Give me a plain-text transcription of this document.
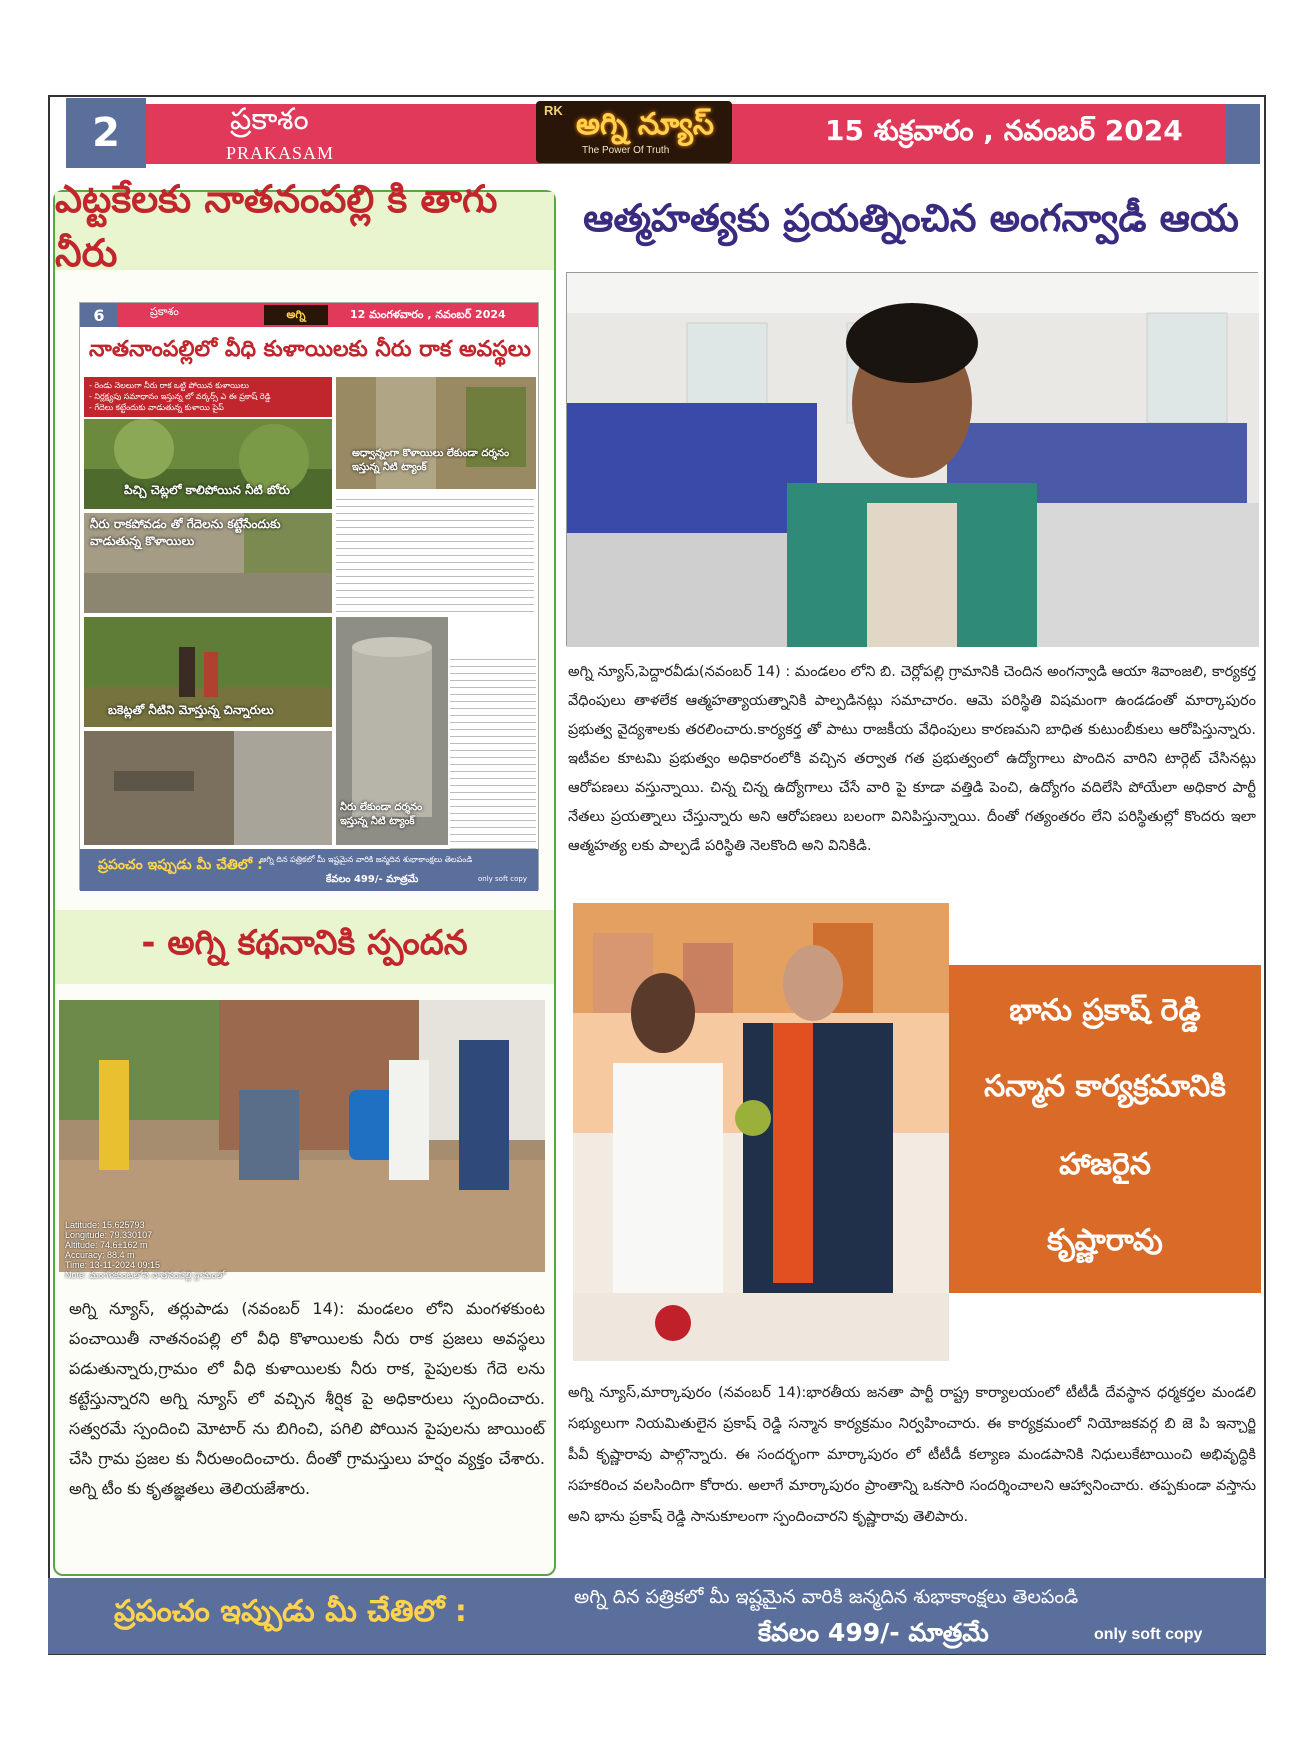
2	ప్రకాశం
PRAKASAM
RK అగ్ని న్యూస్
The Power Of Truth
15 శుక్రవారం , నవంబర్ 2024
ఎట్టకేలకు నాతనంపల్లి కి తాగు నీరు
6	ప్రకాశం	అగ్ని	12 మంగళవారం , నవంబర్ 2024
నాతనాంపల్లిలో వీధి కుళాయిలకు నీరు రాక అవస్థలు
- రెండు నెలలుగా నీరు రాక ఒట్టి పోయిన కుళాయిలు
- నిర్లక్ష్యపు సమాధానం ఇస్తున్న లో వర్కర్స్ ఎ ఈ ప్రకాష్ రెడ్డి
- గేదెలు కట్టేందుకు వాడుతున్న కుళాయి పైప్
పిచ్చి చెట్లలో కాలిపోయిన నీటి బోరు
అధ్వాన్నంగా కొళాయిలు లేకుండా దర్శనం ఇస్తున్న నీటి ట్యాంక్
నీరు రాకపోవడం తో గేదెలను కట్టేసేందుకు వాడుతున్న కొళాయిలు
బకెట్లతో నీటిని మోస్తున్న చిన్నారులు
నీరు లేకుండా దర్శనం ఇస్తున్న నీటి ట్యాంక్
ప్రపంచం ఇప్పుడు మీ చేతిలో :
అగ్ని దిన పత్రికలో మీ ఇష్టమైన వారికి జన్మదిన శుభాకాంక్షలు తెలపండి
కేవలం 499/- మాత్రమే	only soft copy
- అగ్ని కథనానికి స్పందన
Latitude: 15.625793
Longitude: 79.330107
Altitude: 74.6±162 m
Accuracy: 88.4 m
Time: 13-11-2024 09:15
Note: మంగళకుంటలోని నాతనంపల్లి గ్రామంలో
అగ్ని న్యూస్, తర్లుపాడు (నవంబర్ 14): మండలం లోని మంగళకుంట పంచాయితీ నాతనంపల్లి లో వీధి కొళాయిలకు నీరు రాక ప్రజలు అవస్థలు పడుతున్నారు,గ్రామం లో వీధి కుళాయిలకు నీరు రాక, పైపులకు గేదె లను కట్టేస్తున్నారని అగ్ని న్యూస్ లో వచ్చిన శీర్షిక పై అధికారులు స్పందించారు. సత్వరమే స్పందించి మోటార్ ను బిగించి, పగిలి పోయిన పైపులను జాయింట్ చేసి గ్రామ ప్రజల కు నీరుఅందించారు. దీంతో గ్రామస్తులు హర్షం వ్యక్తం చేశారు. అగ్ని టీం కు కృతజ్ఞతలు తెలియజేశారు.
ఆత్మహత్యకు ప్రయత్నించిన అంగన్వాడీ ఆయ
అగ్ని న్యూస్,పెద్దారవీడు(నవంబర్ 14) : మండలం లోని బి. చెర్లోపల్లి గ్రామానికి చెందిన అంగన్వాడి ఆయా శివాంజలి, కార్యకర్త వేధింపులు తాళలేక ఆత్మహత్యాయత్నానికి పాల్పడినట్లు సమాచారం. ఆమె పరిస్థితి విషమంగా ఉండడంతో మార్కాపురం ప్రభుత్వ వైద్యశాలకు తరలించారు.కార్యకర్త తో పాటు రాజకీయ వేధింపులు కారణమని బాధిత కుటుంబీకులు ఆరోపిస్తున్నారు. ఇటీవల కూటమి ప్రభుత్వం అధికారంలోకి వచ్చిన తర్వాత గత ప్రభుత్వంలో ఉద్యోగాలు పొందిన వారిని టార్గెట్ చేసినట్లు ఆరోపణలు వస్తున్నాయి. చిన్న చిన్న ఉద్యోగాలు చేసే వారి పై కూడా వత్తిడి పెంచి, ఉద్యోగం వదిలేసి పోయేలా అధికార పార్టీ నేతలు ప్రయత్నాలు చేస్తున్నారు అని ఆరోపణలు బలంగా వినిపిస్తున్నాయి. దీంతో గత్యంతరం లేని పరిస్థితుల్లో కొందరు ఇలా ఆత్మహత్య లకు పాల్పడే పరిస్థితి నెలకొంది అని వినికిడి.
భాను ప్రకాష్ రెడ్డి
సన్మాన కార్యక్రమానికి
హాజరైన
కృష్ణారావు
అగ్ని న్యూస్,మార్కాపురం (నవంబర్ 14):భారతీయ జనతా పార్టీ రాష్ట్ర కార్యాలయంలో టీటీడీ దేవస్థాన ధర్మకర్తల మండలి సభ్యులుగా నియమితులైన ప్రకాష్ రెడ్డి సన్మాన కార్యక్రమం నిర్వహించారు. ఈ కార్యక్రమంలో నియోజకవర్గ బి జె పి ఇన్చార్జి పీవీ కృష్ణారావు పాల్గొన్నారు. ఈ సందర్భంగా మార్కాపురం లో టీటీడీ కల్యాణ మండపానికి నిధులుకేటాయించి అభివృద్ధికి సహకరించ వలసిందిగా కోరారు. అలాగే మార్కాపురం ప్రాంతాన్ని ఒకసారి సందర్శించాలని ఆహ్వానించారు. తప్పకుండా వస్తాను అని భాను ప్రకాష్ రెడ్డి సానుకూలంగా స్పందించారని కృష్ణారావు తెలిపారు.
ప్రపంచం ఇప్పుడు మీ చేతిలో :	అగ్ని దిన పత్రికలో మీ ఇష్టమైన వారికి జన్మదిన శుభాకాంక్షలు తెలపండి
కేవలం 499/- మాత్రమే	only soft copy
